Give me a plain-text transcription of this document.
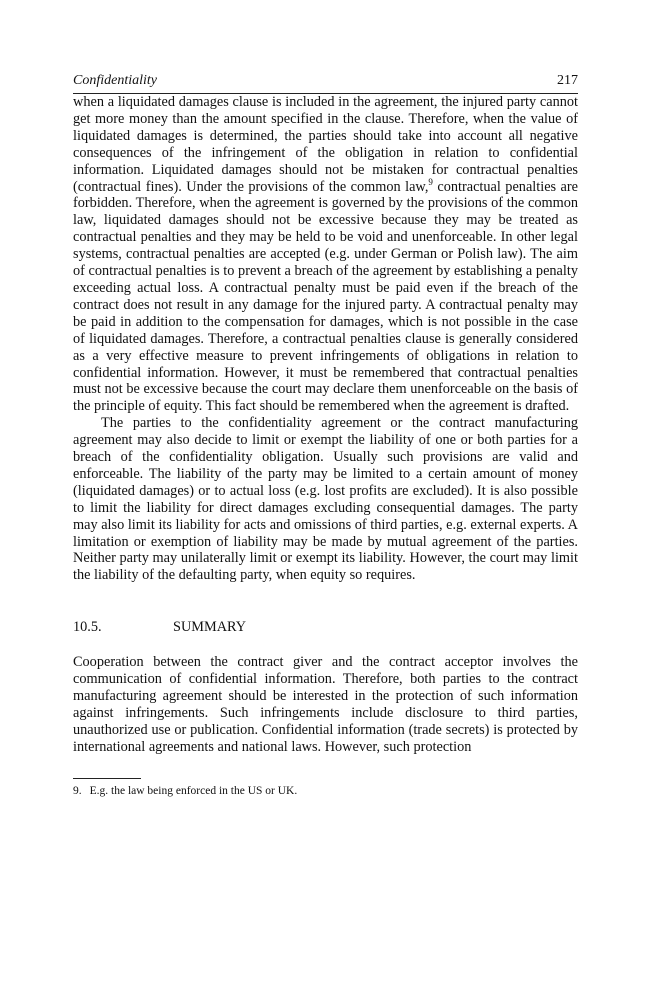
Confidentiality	217

when a liquidated damages clause is included in the agreement, the injured party cannot get more money than the amount specified in the clause. Therefore, when the value of liquidated damages is determined, the parties should take into account all negative consequences of the infringement of the obligation in relation to confidential information. Liquidated damages should not be mistaken for contractual penalties (contractual fines). Under the provisions of the common law,$^9$ contractual penalties are forbidden. Therefore, when the agreement is governed by the provisions of the common law, liquidated damages should not be excessive because they may be treated as contractual penalties and they may be held to be void and unenforceable. In other legal systems, contractual penalties are accepted (e.g. under German or Polish law). The aim of contractual penalties is to prevent a breach of the agreement by establishing a penalty exceeding actual loss. A contractual penalty must be paid even if the breach of the contract does not result in any damage for the injured party. A contractual penalty may be paid in addition to the compensation for damages, which is not possible in the case of liquidated damages. Therefore, a contractual penalties clause is generally considered as a very effective measure to prevent infringements of obligations in relation to confidential information. However, it must be remembered that contractual penalties must not be excessive because the court may declare them unenforceable on the basis of the principle of equity. This fact should be remembered when the agreement is drafted.

The parties to the confidentiality agreement or the contract manufacturing agreement may also decide to limit or exempt the liability of one or both parties for a breach of the confidentiality obligation. Usually such provisions are valid and enforceable. The liability of the party may be limited to a certain amount of money (liquidated damages) or to actual loss (e.g. lost profits are excluded). It is also possible to limit the liability for direct damages excluding consequential damages. The party may also limit its liability for acts and omissions of third parties, e.g. external experts. A limitation or exemption of liability may be made by mutual agreement of the parties. Neither party may unilaterally limit or exempt its liability. However, the court may limit the liability of the defaulting party, when equity so requires.

10.5.	SUMMARY

Cooperation between the contract giver and the contract acceptor involves the communication of confidential information. Therefore, both parties to the contract manufacturing agreement should be interested in the protection of such information against infringements. Such infringements include disclosure to third parties, unauthorized use or publication. Confidential information (trade secrets) is protected by international agreements and national laws. However, such protection

9. E.g. the law being enforced in the US or UK.
